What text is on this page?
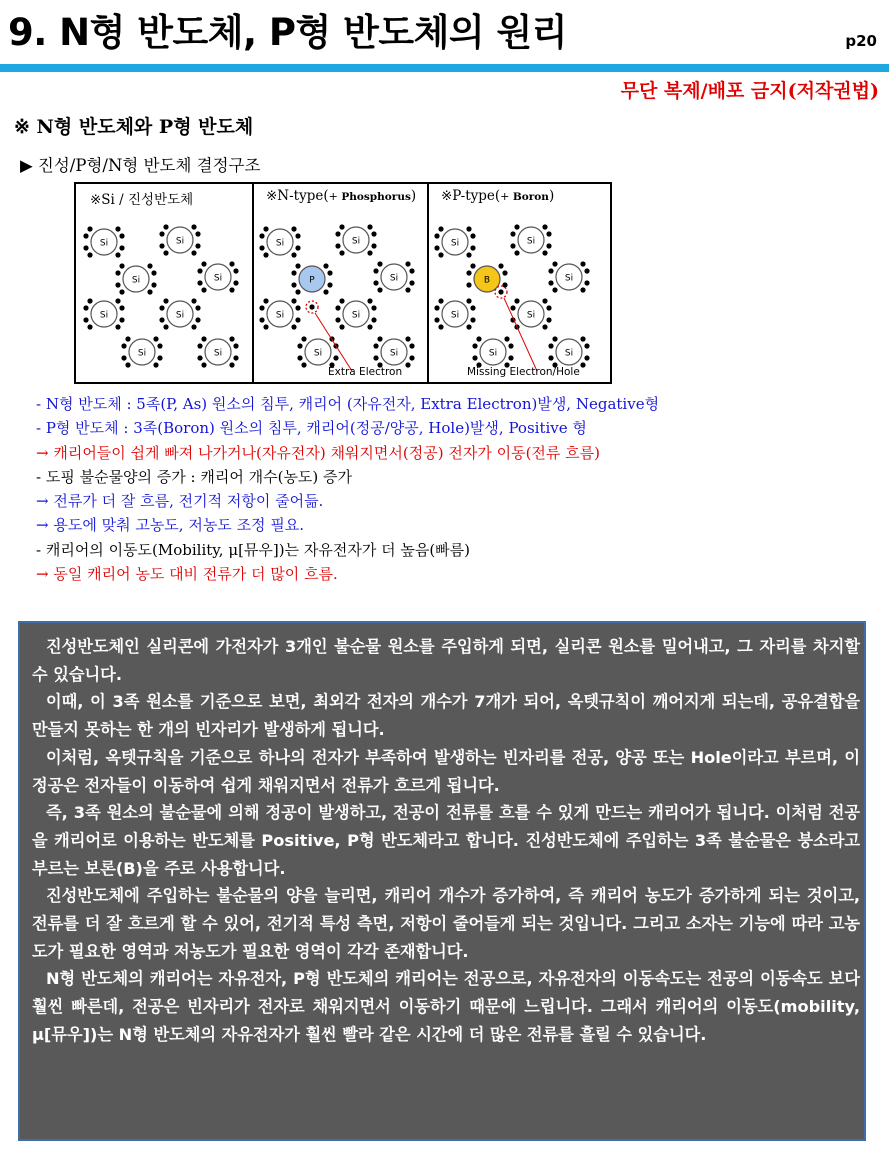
9. N형 반도체, P형 반도체의 원리	p20
무단 복제/배포 금지(저작권법)
※ N형 반도체와 P형 반도체
▶ 진성/P형/N형 반도체 결정구조
※Si / 진성반도체
Si	Si
Si	Si
Si	Si
Si	Si
※N-type(+ Phosphorus)
Si	Si
P	Si
Si	Si
Si	Si
Extra Electron
※P-type(+ Boron)
Si	Si
B	Si
Si	Si
Si	Si
Missing Electron/Hole
- N형 반도체 : 5족(P, As) 원소의 침투, 캐리어 (자유전자, Extra Electron)발생, Negative형
- P형 반도체 : 3족(Boron) 원소의 침투, 캐리어(정공/양공, Hole)발생, Positive 형
→ 캐리어들이 쉽게 빠져 나가거나(자유전자) 채워지면서(정공) 전자가 이동(전류 흐름)
- 도핑 불순물양의 증가 : 캐리어 개수(농도) 증가
→ 전류가 더 잘 흐름, 전기적 저항이 줄어듦.
→ 용도에 맞춰 고농도, 저농도 조정 필요.
- 캐리어의 이동도(Mobility, μ[뮤우])는 자유전자가 더 높음(빠름)
→ 동일 캐리어 농도 대비 전류가 더 많이 흐름.

진성반도체인 실리콘에 가전자가 3개인 불순물 원소를 주입하게 되면, 실리콘 원소를 밀어내고, 그 자리를 차지할 수 있습니다.

이때, 이 3족 원소를 기준으로 보면, 최외각 전자의 개수가 7개가 되어, 옥텟규칙이 깨어지게 되는데, 공유결합을 만들지 못하는 한 개의 빈자리가 발생하게 됩니다.

이처럼, 옥텟규칙을 기준으로 하나의 전자가 부족하여 발생하는 빈자리를 전공, 양공 또는 Hole이라고 부르며, 이 정공은 전자들이 이동하여 쉽게 채워지면서 전류가 흐르게 됩니다.

즉, 3족 원소의 불순물에 의해 정공이 발생하고, 전공이 전류를 흐를 수 있게 만드는 캐리어가 됩니다. 이처럼 전공을 캐리어로 이용하는 반도체를 Positive, P형 반도체라고 합니다. 진성반도체에 주입하는 3족 불순물은 붕소라고 부르는 보론(B)을 주로 사용합니다.

진성반도체에 주입하는 불순물의 양을 늘리면, 캐리어 개수가 증가하여, 즉 캐리어 농도가 증가하게 되는 것이고, 전류를 더 잘 흐르게 할 수 있어, 전기적 특성 측면, 저항이 줄어들게 되는 것입니다. 그리고 소자는 기능에 따라 고농도가 필요한 영역과 저농도가 필요한 영역이 각각 존재합니다.

N형 반도체의 캐리어는 자유전자, P형 반도체의 캐리어는 전공으로, 자유전자의 이동속도는 전공의 이동속도 보다 훨씬 빠른데, 전공은 빈자리가 전자로 채워지면서 이동하기 때문에 느립니다. 그래서 캐리어의 이동도(mobility, μ[뮤우])는 N형 반도체의 자유전자가 훨씬 빨라 같은 시간에 더 많은 전류를 흘릴 수 있습니다.
